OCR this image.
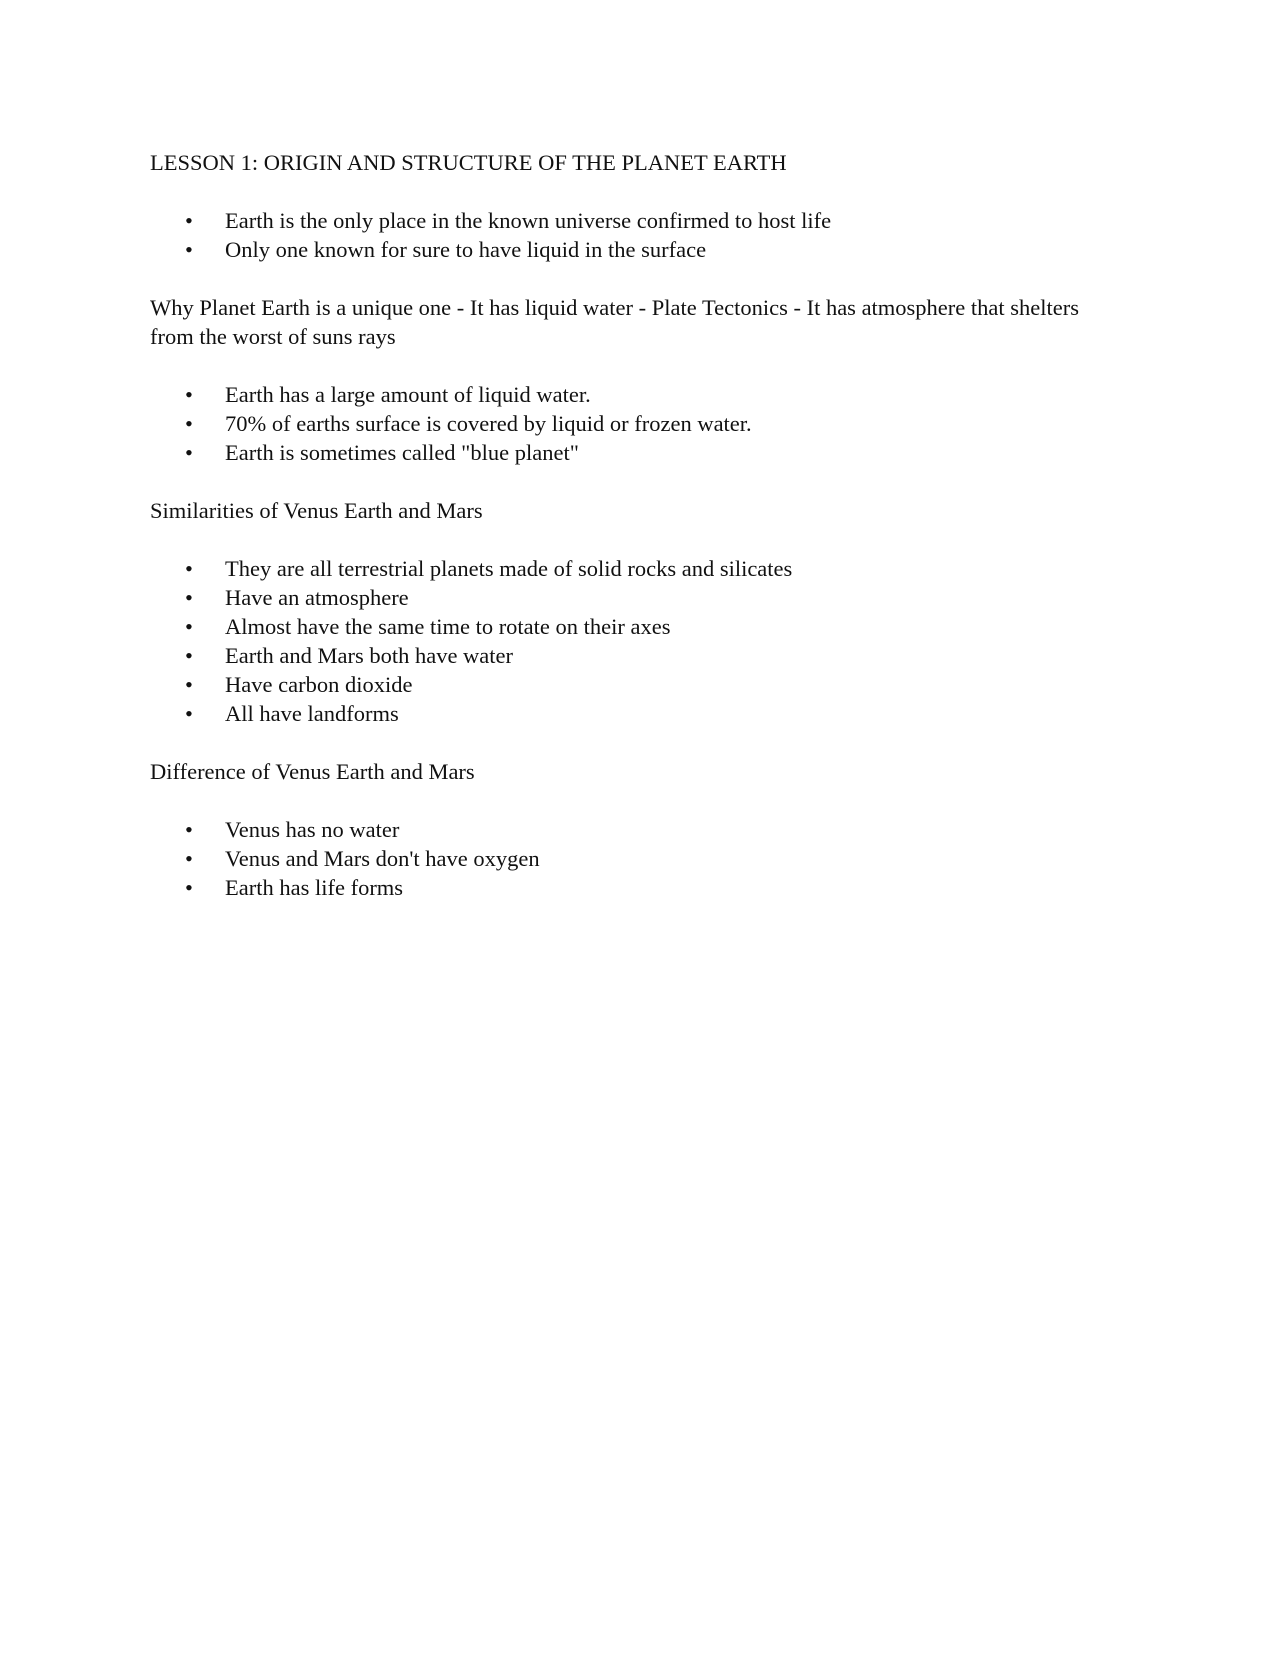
LESSON 1: ORIGIN AND STRUCTURE OF THE PLANET EARTH

• Earth is the only place in the known universe confirmed to host life
• Only one known for sure to have liquid in the surface

Why Planet Earth is a unique one - It has liquid water - Plate Tectonics - It has atmosphere that shelters from the worst of suns rays

• Earth has a large amount of liquid water.
• 70% of earths surface is covered by liquid or frozen water.
• Earth is sometimes called "blue planet"

Similarities of Venus Earth and Mars

• They are all terrestrial planets made of solid rocks and silicates
• Have an atmosphere
• Almost have the same time to rotate on their axes
• Earth and Mars both have water
• Have carbon dioxide
• All have landforms

Difference of Venus Earth and Mars

• Venus has no water
• Venus and Mars don't have oxygen
• Earth has life forms
